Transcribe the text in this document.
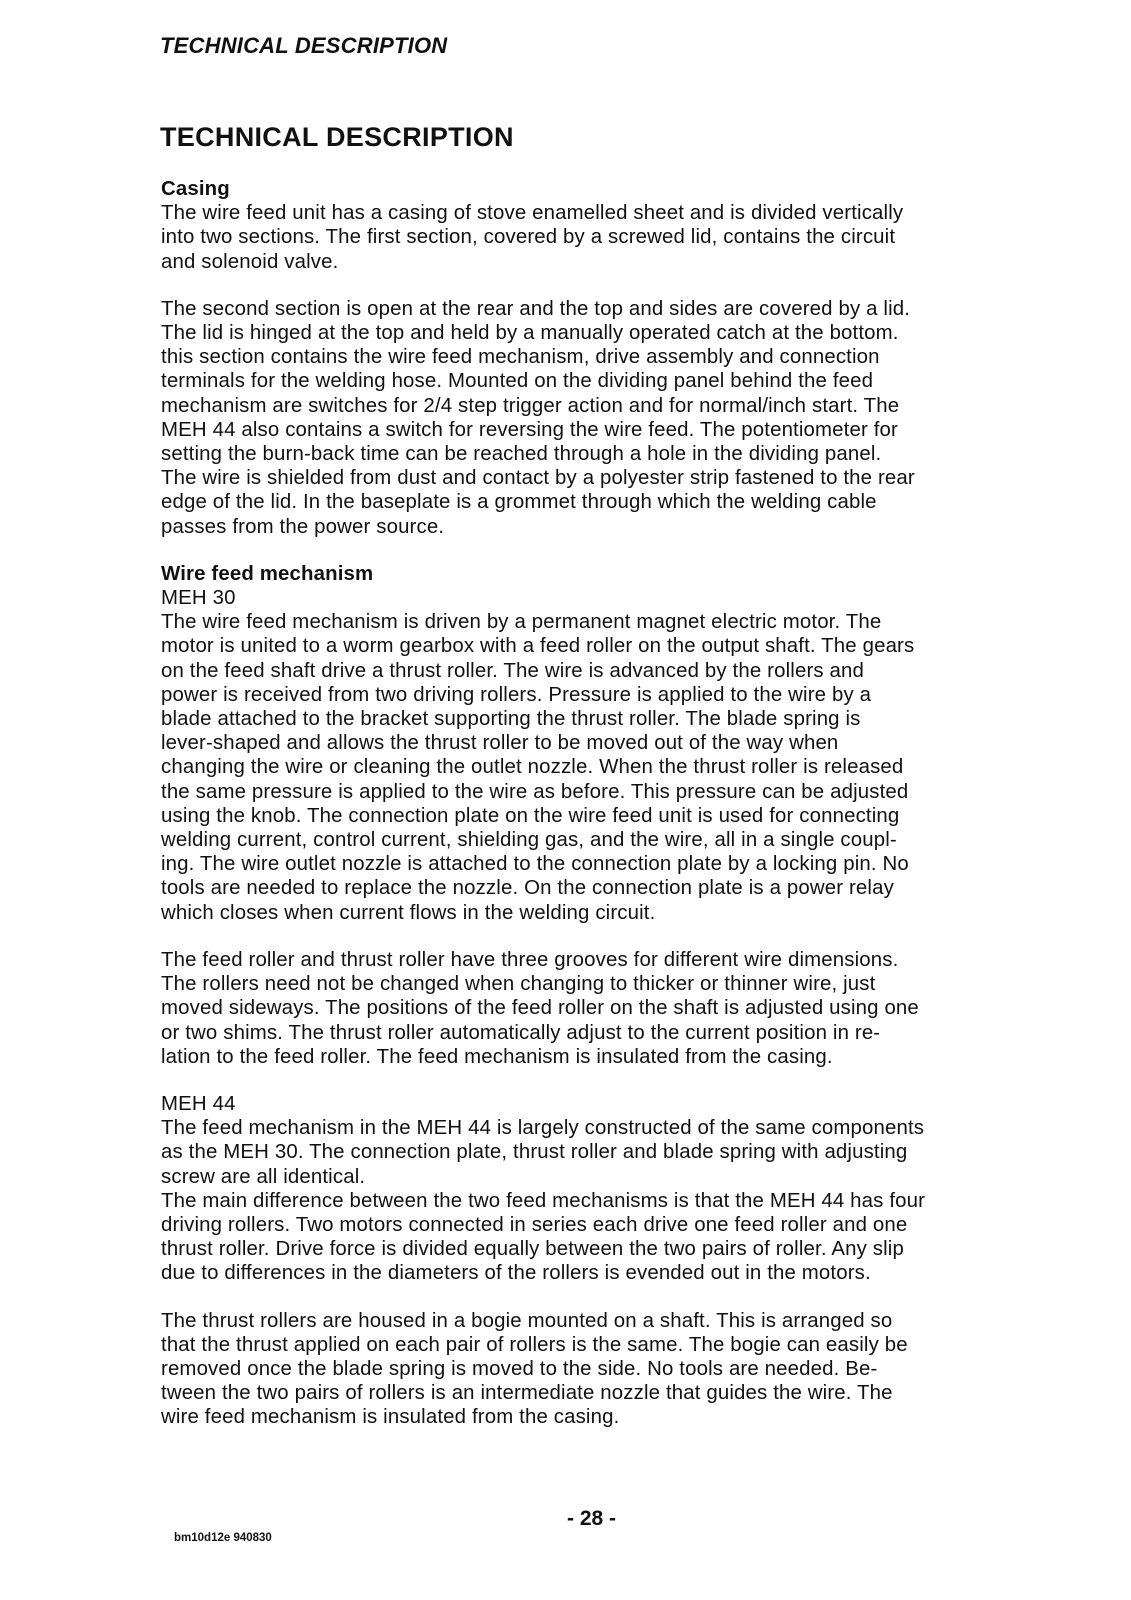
TECHNICAL DESCRIPTION
TECHNICAL DESCRIPTION

Casing

The wire feed unit has a casing of stove enamelled sheet and is divided vertically
into two sections. The first section, covered by a screwed lid, contains the circuit
and solenoid valve.
The second section is open at the rear and the top and sides are covered by a lid.
The lid is hinged at the top and held by a manually operated catch at the bottom.
this section contains the wire feed mechanism, drive assembly and connection
terminals for the welding hose. Mounted on the dividing panel behind the feed
mechanism are switches for 2/4 step trigger action and for normal/inch start. The
MEH 44 also contains a switch for reversing the wire feed. The potentiometer for
setting the burn-back time can be reached through a hole in the dividing panel.
The wire is shielded from dust and contact by a polyester strip fastened to the rear
edge of the lid. In the baseplate is a grommet through which the welding cable
passes from the power source.

Wire feed mechanism

MEH 30

The wire feed mechanism is driven by a permanent magnet electric motor. The
motor is united to a worm gearbox with a feed roller on the output shaft. The gears
on the feed shaft drive a thrust roller. The wire is advanced by the rollers and
power is received from two driving rollers. Pressure is applied to the wire by a
blade attached to the bracket supporting the thrust roller. The blade spring is
lever-shaped and allows the thrust roller to be moved out of the way when
changing the wire or cleaning the outlet nozzle. When the thrust roller is released
the same pressure is applied to the wire as before. This pressure can be adjusted
using the knob. The connection plate on the wire feed unit is used for connecting
welding current, control current, shielding gas, and the wire, all in a single coupl-
ing. The wire outlet nozzle is attached to the connection plate by a locking pin. No
tools are needed to replace the nozzle. On the connection plate is a power relay
which closes when current flows in the welding circuit.
The feed roller and thrust roller have three grooves for different wire dimensions.
The rollers need not be changed when changing to thicker or thinner wire, just
moved sideways. The positions of the feed roller on the shaft is adjusted using one
or two shims. The thrust roller automatically adjust to the current position in re-
lation to the feed roller. The feed mechanism is insulated from the casing.

MEH 44

The feed mechanism in the MEH 44 is largely constructed of the same components
as the MEH 30. The connection plate, thrust roller and blade spring with adjusting
screw are all identical.
The main difference between the two feed mechanisms is that the MEH 44 has four
driving rollers. Two motors connected in series each drive one feed roller and one
thrust roller. Drive force is divided equally between the two pairs of roller. Any slip
due to differences in the diameters of the rollers is evended out in the motors.
The thrust rollers are housed in a bogie mounted on a shaft. This is arranged so
that the thrust applied on each pair of rollers is the same. The bogie can easily be
removed once the blade spring is moved to the side. No tools are needed. Be-
tween the two pairs of rollers is an intermediate nozzle that guides the wire. The
wire feed mechanism is insulated from the casing.
- 28 -
bm10d12e 940830
